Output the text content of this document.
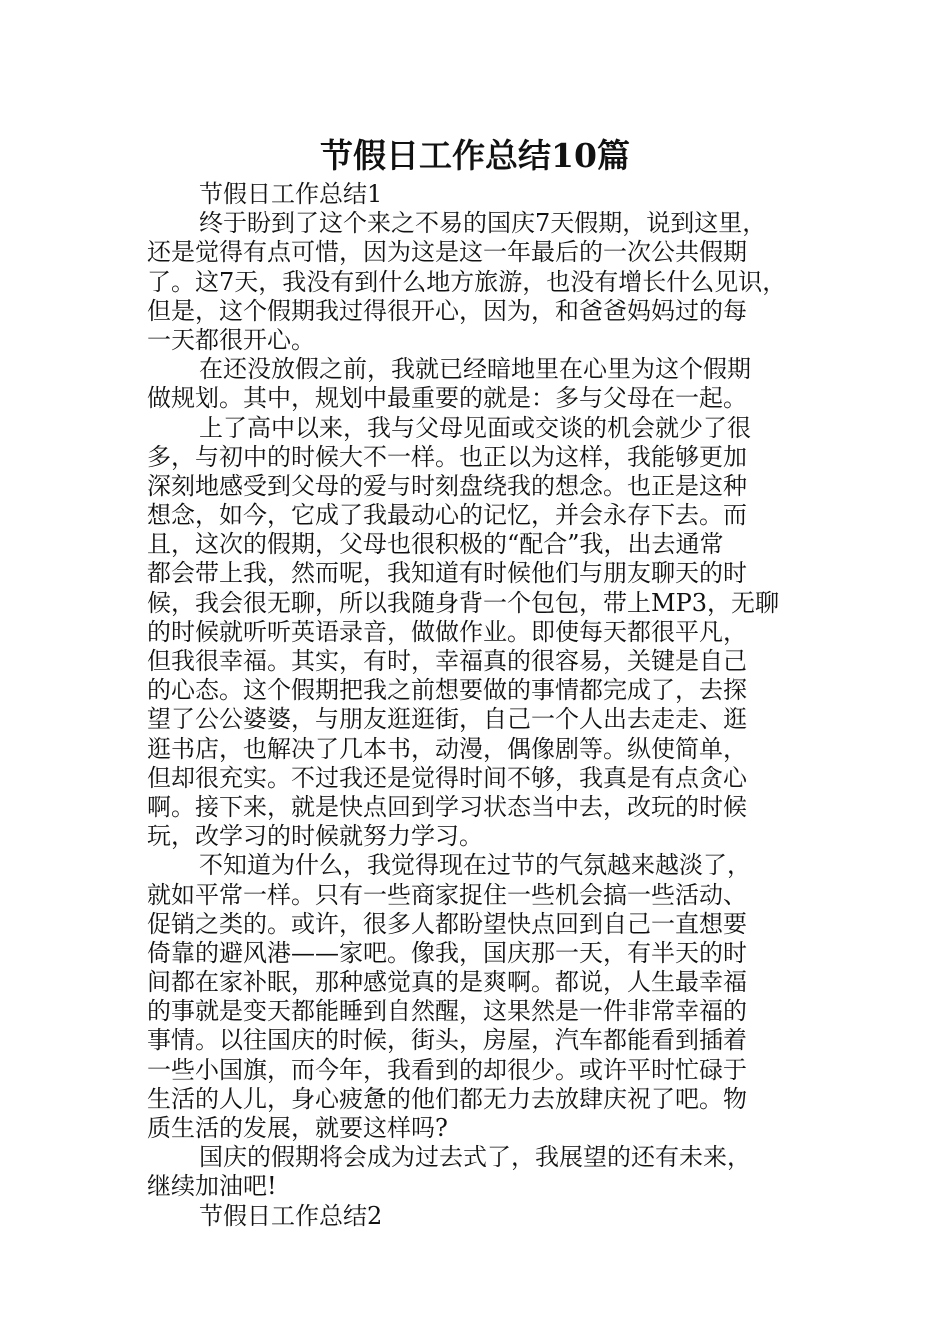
节假日工作总结10篇
节假日工作总结1
终于盼到了这个来之不易的国庆7天假期，说到这里，
还是觉得有点可惜，因为这是这一年最后的一次公共假期
了。这7天，我没有到什么地方旅游，也没有增长什么见识，
但是，这个假期我过得很开心，因为，和爸爸妈妈过的每
一天都很开心。
在还没放假之前，我就已经暗地里在心里为这个假期
做规划。其中，规划中最重要的就是：多与父母在一起。
上了高中以来，我与父母见面或交谈的机会就少了很
多，与初中的时候大不一样。也正以为这样，我能够更加
深刻地感受到父母的爱与时刻盘绕我的想念。也正是这种
想念，如今，它成了我最动心的记忆，并会永存下去。而
且，这次的假期，父母也很积极的“配合”我，出去通常
都会带上我，然而呢，我知道有时候他们与朋友聊天的时
候，我会很无聊，所以我随身背一个包包，带上MP3，无聊
的时候就听听英语录音，做做作业。即使每天都很平凡，
但我很幸福。其实，有时，幸福真的很容易，关键是自己
的心态。这个假期把我之前想要做的事情都完成了，去探
望了公公婆婆，与朋友逛逛街，自己一个人出去走走、逛
逛书店，也解决了几本书，动漫，偶像剧等。纵使简单，
但却很充实。不过我还是觉得时间不够，我真是有点贪心
啊。接下来，就是快点回到学习状态当中去，改玩的时候
玩，改学习的时候就努力学习。
不知道为什么，我觉得现在过节的气氛越来越淡了，
就如平常一样。只有一些商家捉住一些机会搞一些活动、
促销之类的。或许，很多人都盼望快点回到自己一直想要
倚靠的避风港——家吧。像我，国庆那一天，有半天的时
间都在家补眠，那种感觉真的是爽啊。都说，人生最幸福
的事就是变天都能睡到自然醒，这果然是一件非常幸福的
事情。以往国庆的时候，街头，房屋，汽车都能看到插着
一些小国旗，而今年，我看到的却很少。或许平时忙碌于
生活的人儿，身心疲惫的他们都无力去放肆庆祝了吧。物
质生活的发展，就要这样吗?
国庆的假期将会成为过去式了，我展望的还有未来，
继续加油吧!
节假日工作总结2
